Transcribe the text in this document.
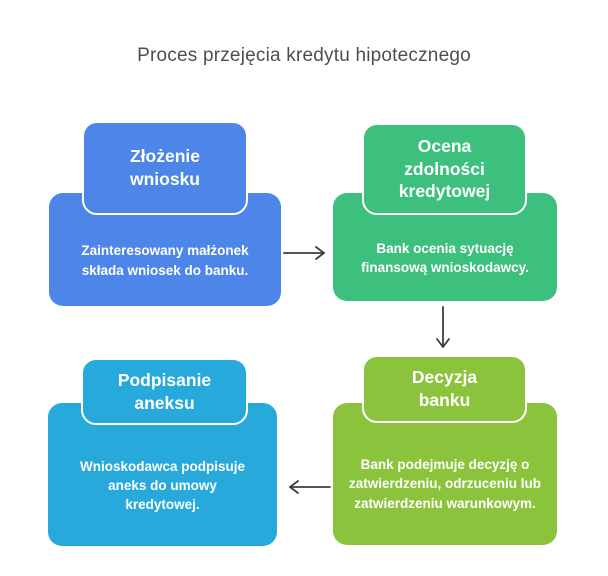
Proces przejęcia kredytu hipotecznego

Zainteresowany małżonek składa wniosek do banku.

Złożenie wniosku

Bank ocenia sytuację finansową wnioskodawcy.

Ocena zdolności kredytowej

Bank podejmuje decyzję o zatwierdzeniu, odrzuceniu lub zatwierdzeniu warunkowym.

Decyzja banku

Wnioskodawca podpisuje aneks do umowy kredytowej.

Podpisanie aneksu
